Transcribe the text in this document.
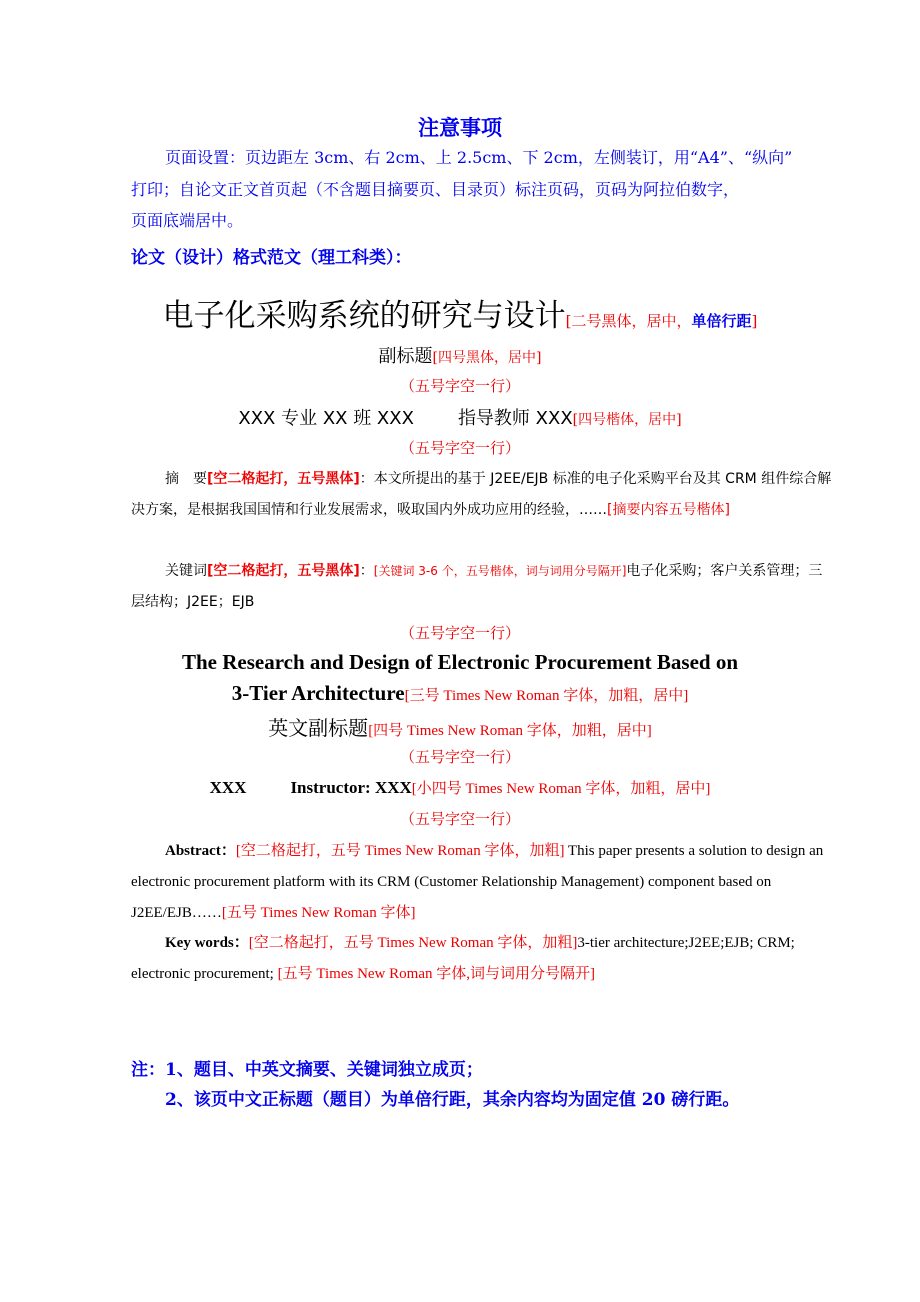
注意事项
页面设置：页边距左 3cm、右 2cm、上 2.5cm、下 2cm，左侧装订，用“A4”、“纵向”
打印；自论文正文首页起（不含题目摘要页、目录页）标注页码，页码为阿拉伯数字，
页面底端居中。
论文（设计）格式范文（理工科类）：
电子化采购系统的研究与设计[二号黑体，居中，单倍行距]
副标题[四号黑体，居中]
（五号字空一行）
XXX 专业 XX 班 XXX 指导教师 XXX[四号楷体，居中]
（五号字空一行）
摘　要[空二格起打，五号黑体]：本文所提出的基于 J2EE/EJB 标准的电子化采购平台及其 CRM 组件综合解决方案，是根据我国国情和行业发展需求，吸取国内外成功应用的经验，……[摘要内容五号楷体]
关键词[空二格起打，五号黑体]：[关键词 3-6 个，五号楷体，词与词用分号隔开]电子化采购；客户关系管理；三层结构；J2EE；EJB
（五号字空一行）
The Research and Design of Electronic Procurement Based on
3-Tier Architecture[三号 Times New Roman 字体，加粗，居中]
英文副标题[四号 Times New Roman 字体，加粗，居中]
（五号字空一行）
XXX	Instructor: XXX[小四号 Times New Roman 字体，加粗，居中]
（五号字空一行）
Abstract：[空二格起打，五号 Times New Roman 字体，加粗] This paper presents a solution to design an electronic procurement platform with its CRM (Customer Relationship Management) component based on J2EE/EJB……[五号 Times New Roman 字体]
Key words：[空二格起打，五号 Times New Roman 字体，加粗]3-tier architecture;J2EE;EJB; CRM; electronic procurement; [五号 Times New Roman 字体,词与词用分号隔开]
注：1、题目、中英文摘要、关键词独立成页；
2、该页中文正标题（题目）为单倍行距，其余内容均为固定值 20 磅行距。
